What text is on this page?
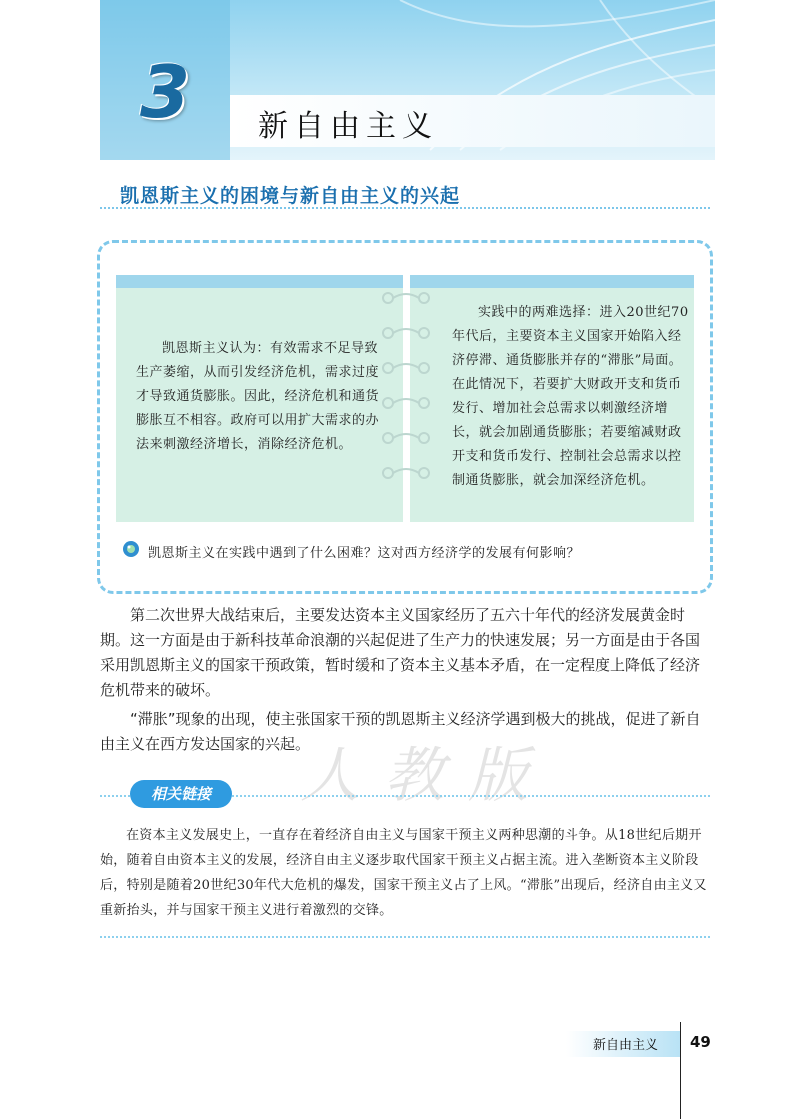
3	新自由主义
凯恩斯主义的困境与新自由主义的兴起
凯恩斯主义认为：有效需求不足导致生产萎缩，从而引发经济危机，需求过度才导致通货膨胀。因此，经济危机和通货膨胀互不相容。政府可以用扩大需求的办法来刺激经济增长，消除经济危机。
实践中的两难选择：进入20世纪70年代后，主要资本主义国家开始陷入经济停滞、通货膨胀并存的“滞胀”局面。在此情况下，若要扩大财政开支和货币发行、增加社会总需求以刺激经济增长，就会加剧通货膨胀；若要缩减财政开支和货币发行、控制社会总需求以控制通货膨胀，就会加深经济危机。
凯恩斯主义在实践中遇到了什么困难？这对西方经济学的发展有何影响？
人教版
第二次世界大战结束后，主要发达资本主义国家经历了五六十年代的经济发展黄金时期。这一方面是由于新科技革命浪潮的兴起促进了生产力的快速发展；另一方面是由于各国采用凯恩斯主义的国家干预政策，暂时缓和了资本主义基本矛盾，在一定程度上降低了经济危机带来的破坏。
“滞胀”现象的出现，使主张国家干预的凯恩斯主义经济学遇到极大的挑战，促进了新自由主义在西方发达国家的兴起。
相关链接
在资本主义发展史上，一直存在着经济自由主义与国家干预主义两种思潮的斗争。从18世纪后期开始，随着自由资本主义的发展，经济自由主义逐步取代国家干预主义占据主流。进入垄断资本主义阶段后，特别是随着20世纪30年代大危机的爆发，国家干预主义占了上风。“滞胀”出现后，经济自由主义又重新抬头，并与国家干预主义进行着激烈的交锋。
新自由主义 49
